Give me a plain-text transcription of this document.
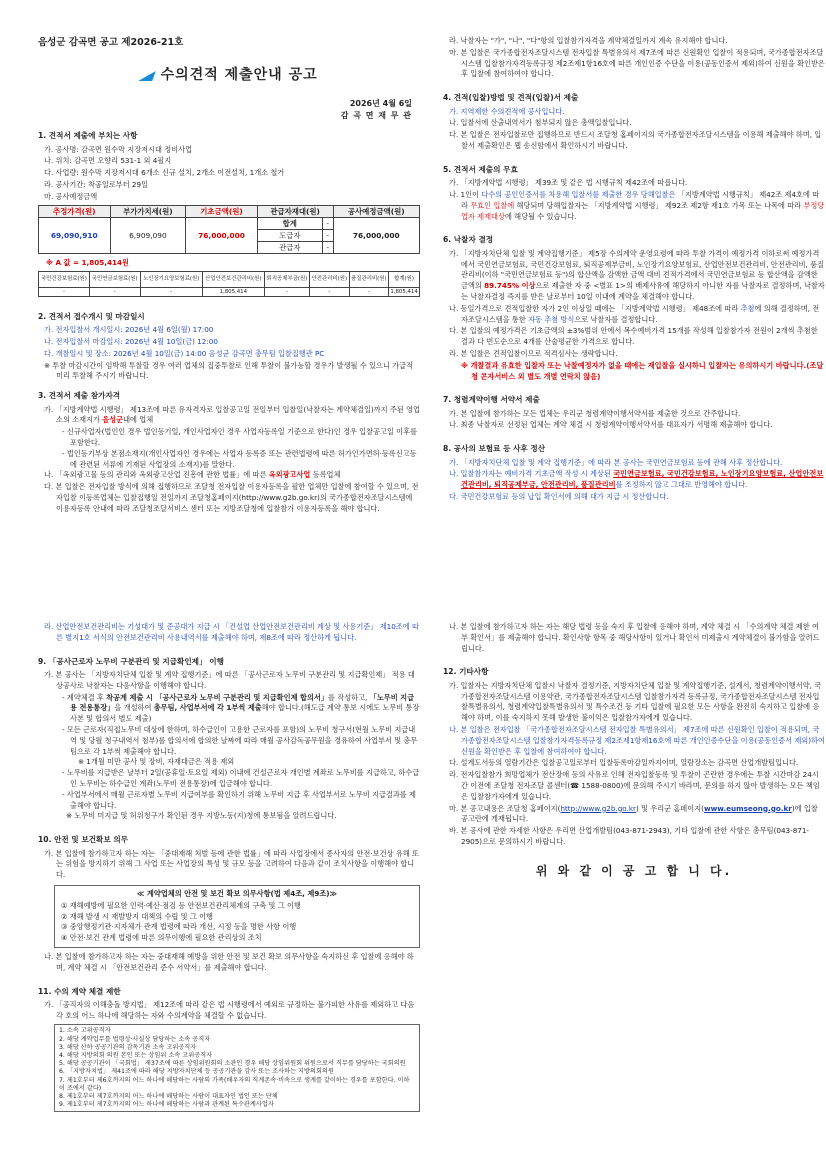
음성군 감곡면 공고 제2026-21호
수의견적 제출안내 공고
2026년 4월 6일
감 곡 면 재 무 관
1. 견적서 제출에 부치는 사항
가. 공사명: 감곡면 원수막 지장저시대 정비사업
나. 위치: 감곡면 오향리 531-1 외 4필지
다. 사업량: 원수막 지장저시대 6개소 신규 설치, 2개소 이전설치, 1개소 철거
라. 공사기간: 착공일로부터 29일
마. 공사예정금액
추정가격(원)	부가가치세(원)	기초금액(원)	관급자재대(원)		공사예정금액(원)
69,090,910	6,909,090	76,000,000	합계	-	76,000,000
			도급자	-	
			관급자	-	
※ A 값 = 1,805,414원
국민건강보험료(원)	국민연금보험료(원)	노인장기요양보험료(원)	산업안전보건관리비(원)	퇴직공제부금(원)	안전관리비(원)	품질관리비(원)	합계(원)
-	-	-	1,805,414	-	-	-	1,805,414
2. 견적서 접수개시 및 마감일시
가. 전자입찰서 개시일시: 2026년 4월 6일(월) 17:00
나. 전자입찰서 마감일시: 2026년 4월 10일(금) 12:00
다. 개찰일시 및 장소: 2026년 4월 10일(금) 14:00 음성군 감곡면 총무팀 입찰집행관 PC
※ 투찰 마감시간이 임박해 투찰할 경우 여러 업체의 집중투찰로 인해 투찰이 불가능할 경우가 발생될 수 있으니 가급적 미리 투찰해 주시기 바랍니다.
3. 견적서 제출 참가자격
가. 「지방계약법 시행령」 제13조에 따른 유자격자로 입찰공고일 전일부터 입찰일(낙찰자는 계약체결일)까지 주된 영업소의 소재지가 음성군내에 업체
- 신규사업자(법인인 경우 법인등기일, 개인사업자인 경우 사업자등록일 기준으로 한다)인 경우 입찰공고일 이후를 포함한다.
- 법인등기부상 본점소재지(개인사업자인 경우에는 사업자 등록증 또는 관련법령에 따른 허가인가면허·등록신고등에 관련된 서류에 기재된 사업장의 소재지)를 말한다.
나. 「옥외광고물 등의 관리와 옥외광고산업 진흥에 관한 법률」에 따른 옥외광고사업 등록업체
다. 본 입찰은 전자입찰 방식에 의해 집행하므로 조달청 전자입찰 이용자등록을 필한 업체만 입찰에 참여할 수 있으며, 전자입찰 이등록업체는 입찰집행일 전일까지 조달청홈페이지(http://www.g2b.go.kr)의 국가종합전자조달시스템에 이용자등록 안내에 따라 조달청조달서비스 센터 또는 지방조달청에 입찰참가 이용자등록을 해야 합니다.
라. 낙찰자는 "가", "나", "다"항의 입찰참가자격을 계약체결일까지 계속 유지해야 합니다.
마. 본 입찰은 국가종합전자조달시스템 전자입찰 특별유의서 제7조에 따른 신원확인 입찰이 적용되며, 국가종합전자조달시스템 입찰참가자격등록규정 제2조제1항16호에 따른 개인인증 수단을 이용(공동인증서 제외)하여 신원을 확인받은 후 입찰에 참여하여야 합니다.
4. 견적(입찰)방법 및 견적(입찰)서 제출
가. 지역제한 수의견적에 공사입니다.
나. 입찰서에 산출내역서가 첨부되지 않은 총액입찰입니다.
다. 본 입찰은 전자입찰로만 집행하므로 반드시 조달청 홈페이지의 국가종합전자조달시스템을 이용해 제출해야 하며, 입찰서 제출확인은 웹 송신함에서 확인하시기 바랍니다.
5. 견적서 제출의 무효
가. 「지방계약법 시행령」 제39조 및 같은 법 시행규칙 제42조에 따릅니다.
나. 1인이 다수의 공인인증서를 차용해 입찰서를 제출한 경우 당해입찰은 「지방계약법 시행규칙」 제42조 제4호에 따라 무효인 입찰에 해당되며 당해입찰자는 「지방계약법 시행령」 제92조 제2항 제1호 가목 또는 나목에 따라 부정당업자 제재대상에 해당될 수 있습니다.
6. 낙찰자 결정
가. 「지방자치단체 입찰 및 계약집행기준」 제5장 수의계약 운영요령에 따라 투찰 가격이 예정가격 이하로써 예정가격에서 국민연금보험료, 국민건강보험료, 퇴직공제부금비, 노인장기요양보험료, 산업안전보건관리비, 안전관리비, 품질관리비(이하 "국민연금보험료 등")의 합산액을 감액한 금액 대비 견적가격에서 국민연금보험료 등 합산액을 감액한 금액의 89.745% 이상으로 제출한 자 중 <별표 1>의 배제사유에 해당하지 아니한 자를 낙찰자로 결정하며, 낙찰자는 낙찰자결정 즉지를 받은 날로부터 10일 이내에 계약을 체결해야 합니다.
나. 동일가격으로 견적입찰한 자가 2인 이상일 때에는 「지방계약법 시행령」 제48조에 따라 추첨에 의해 결정하며, 전자조달시스템을 통한 자동 추첨 방식으로 낙찰자를 결정합니다.
다. 본 입찰의 예정가격은 기초금액의 ±3%범위 안에서 복수예비가격 15개를 작성해 입찰참가자 전원이 2개씩 추첨한 결과 다 빈도순으로 4개를 산술평균한 가격으로 합니다.
라. 본 입찰은 견적입찰이므로 적격심사는 생략합니다.
※ 개찰결과 유효한 입찰자 또는 낙찰예정자가 없을 때에는 재입찰을 실시하니 입찰자는 유의하시기 바랍니다.(조달청 콘자서비스 외 별도 개별 연락치 않음)
7. 청렴계약이행 서약서 제출
가. 본 입찰에 참가하는 모든 업체는 우리군 청렴계약이행서약서를 제출한 것으로 간주합니다.
나. 최종 낙찰자로 선정된 업체는 계약 체결 시 청렴계약이행서약서를 대표자가 서명해 제출해야 합니다.
8. 공사의 보험료 등 사후 정산
가. 「지방자치단체 입찰 및 계약 집행기준」에 따라 본 공사는 국민연금보험료 등에 관해 사후 정산합니다.
나. 입찰참가자는 예비가격 기초금액 작성 시 계상된 국민연금보험료, 국민건강보험료, 노인장기요양보험료, 산업안전보건관리비, 퇴직공제부금, 안전관리비, 품질관리비를 조정하지 않고 그대로 반영해야 합니다.
다. 국민건강보험료 등의 납입 확인서에 의해 대가 지급 시 정산합니다.
라. 산업안전보건관리비는 기성대가 및 준공대가 지급 시 「건설업 산업안전보건관리비 계상 및 사용기준」 제10조에 따른 별지1호 서식의 안전보건관리비 사용내역서를 제출해야 하며, 제8조에 따라 정산하게 됩니다.
9. 「공사근로자 노무비 구분관리 및 지급확인제」 이행
가. 본 공사는 「지방자치단체 입찰 및 계약 집행기준」에 따른 「공사근로자 노무비 구분관리 및 지급확인제」 적용 대상공사로 낙찰자는 다음사항을 이행해야 합니다.
- 계약체결 후 착공계 제출 시 「공사근로자 노무비 구분관리 및 지급확인제 합의서」를 작성하고, 「노무비 지급용 전용통장」을 개설하여 총무팀, 사업부서에 각 1부씩 제출해야 합니다.(해도급 계약 통보 시에도 노무비 통장사본 및 합의서 별도 제출)
- 모든 근로자(직접노무비 대상에 한하며, 하수급인이 고용한 근로자를 포함)의 노무비 청구서(현월 노무비 지급내역 및 당월 청구내역서 첨부)를 합의서에 합의한 날짜에 따라 매월 공사감독공무원을 경유하여 사업부서 및 총무팀으로 각 1부씩 제출해야 합니다.
※ 1개월 미만 공사 및 장비, 자재대금은 적용 제외
- 노무비를 지급받은 날부터 2일(공휴일·토요일 제외) 이내에 건설근로자 개인별 계좌로 노무비를 지급하고, 하수급인 노무비는 하수급인 계좌(노무비 전용통장)에 입금해야 합니다.
- 사업부서에서 매월 근로자별 노무비 지급여부를 확인하기 위해 노무비 지급 후 사업부서로 노무비 지급결과를 제출해야 합니다.
※ 노무비 미지급 및 허위청구가 확인된 경우 지방노동(지)청에 통보됨을 알려드립니다.
10. 안전 및 보건확보 의무
가. 본 입찰에 참가하고자 하는 자는 「중대재해 처벌 등에 관한 법률」에 따라 사업장에서 종사자의 안전·보건상 유해 또는 위험을 방지하기 위해 그 사업 또는 사업장의 특성 및 규모 등을 고려하여 다음과 같이 조치사항을 이행해야 합니다.
≪ 계약업체의 안전 및 보건 확보 의무사항(법 제4조, 제9조)≫
① 재해예방에 필요한 인력·예산·점검 등 안전보건관리체계의 구축 및 그 이행
② 재해 발생 시 재발방지 대책의 수립 및 그 이행
③ 중앙행정기관·지자체가 관계 법령에 따라 개선, 시정 등을 명한 사항 이행
④ 안전·보건 관계 법령에 따른 의무이행에 필요한 관리상의 조치
나. 본 입찰에 참가하고자 하는 자는 중대재해 예방을 위한 안전 및 보건 확보 의무사항을 숙지하신 후 입찰에 응해야 하며, 계약 체결 시 「안전보건관리 준수 서약서」를 제출해야 합니다.
11. 수의 계약 체결 제한
가. 「공직자의 이해충돌 방지법」 제12조에 따라 같은 법 시행령에서 예외로 규정하는 불가피한 사유를 제외하고 다음 각 호의 어느 하나에 해당하는 자와 수의계약을 체결할 수 없습니다.
1. 소속 고위공직자
2. 해당 계약업무를 법령상·사실상 담당하는 소속 공직자
3. 해당 산하 공공기관의 감독기관 소속 고위공직자
4. 해당 지방의회 의원 본인 또는 상임위 소속 고위공직자
5. 해당 공공기관이 「국회법」 제37조에 따른 상임위원회의 소관인 경우 해당 상임위원회 위원으로서 직무를 담당하는 국회의원
6. 「지방자치법」 제41조에 따라 해당 지방자치단체 등 공공기관을 감사 또는 조사하는 지방의회의원
7. 제1호부터 제6호까지의 어느 하나에 해당하는 사람의 가족(배우자의 직계존속·비속으로 생계를 같이하는 경우를 포함한다. 이하 이 조에서 같다)
8. 제1호부터 제7호까지의 어느 하나에 해당하는 사람이 대표자인 법인 또는 단체
9. 제1호부터 제7호까지의 어느 하나에 해당하는 사람과 관계된 특수관계사업자
나. 본 입찰에 참가하고자 하는 자는 해당 법령 등을 숙지 후 입찰에 응해야 하며, 계약 체결 시 「수의계약 체결 제한 여부 확인서」를 제출해야 합니다. 확인사항 항목 중 해당사항이 있거나 확인서 미제출시 계약체결이 불가함을 알려드립니다.
12. 기타사항
가. 입찰자는 지방자치단체 입찰시 낙찰자 결정기준, 지방자치단체 입찰 및 계약집행기준, 설계서, 청렴계약이행서약, 국가종합전자조달시스템 이용약관, 국가종합전자조달시스템 입찰참가자격 등록규정, 국가종합전자조달시스템 전자입찰특별유의서, 청렴계약입찰특별유의서 및 특수조건 등 기타 입찰에 필요한 모든 사항을 완전히 숙지하고 입찰에 응해야 하며, 이를 숙지하지 못해 발생한 불이익은 입찰참가자에게 있습니다.
나. 본 입찰은 전자입찰 「국가종합전자조달시스템 전자입찰 특별유의서」 제7조에 따른 신원확인 입찰이 적용되며, 국가종합전자조달시스템 입찰참가자격등록규정 제2조제1항제16호에 따른 개인인증수단을 이용(공동인증서 제외)하여 신원을 확인받은 후 입찰에 참여하여야 합니다.
다. 설계도서등의 열람기간은 입찰공고일로부터 입찰등록마감일까지이며, 열람장소는 감곡면 산업개발팀입니다.
라. 전자입찰참가 희망업체가 전산장애 등의 사유로 인해 전자입찰등록 및 투찰이 곤란한 경우에는 투찰 시간마감 24시간 이전에 조달청 전자조달 콜센터(☎ 1588-0800)에 문의해 주시기 바라며, 문의를 하지 않아 발생하는 모든 책임은 입찰참가자에게 있습니다.
마. 본 공고내용은 조달청 홈페이지(http://www.g2b.go.kr) 및 우리군 홈페이지(www.eumseong.go.kr)에 입찰 공고란에 게재됩니다.
바. 본 공사에 관한 자세한 사항은 우리면 산업개발팀(043-871-2943), 기타 입찰에 관한 사항은 총무팀(043-871-2905)으로 문의하시기 바랍니다.
위 와 같 이 공 고 합 니 다.
